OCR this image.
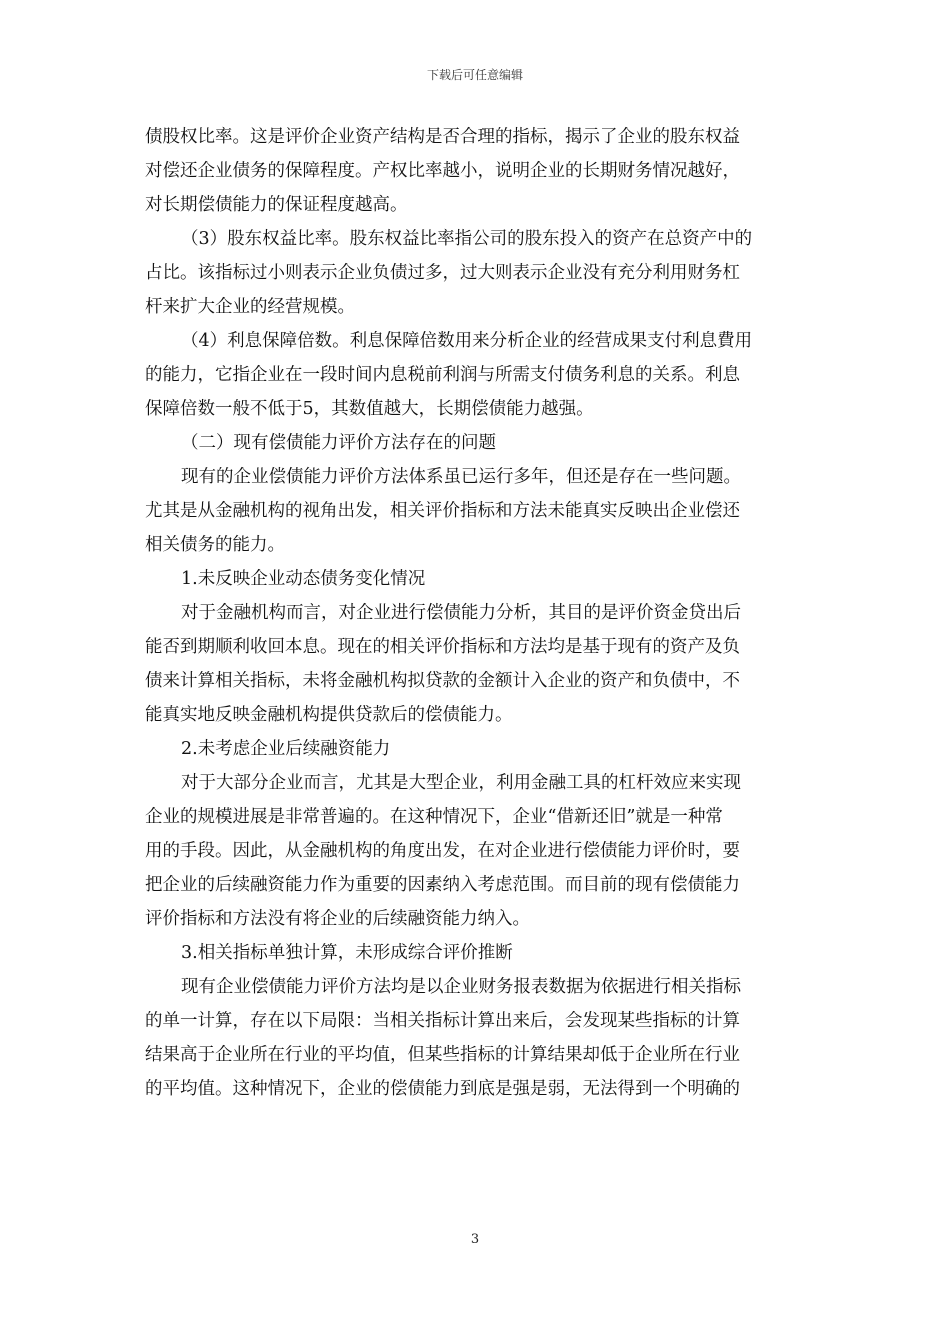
下载后可任意编辑
债股权比率。这是评价企业资产结构是否合理的指标，揭示了企业的股东权益
对偿还企业债务的保障程度。产权比率越小，说明企业的长期财务情况越好，
对长期偿债能力的保证程度越高。
（3）股东权益比率。股东权益比率指公司的股东投入的资产在总资产中的
占比。该指标过小则表示企业负债过多，过大则表示企业没有充分利用财务杠
杆来扩大企业的经营规模。
（4）利息保障倍数。利息保障倍数用来分析企业的经营成果支付利息費用
的能力，它指企业在一段时间内息税前利润与所需支付债务利息的关系。利息
保障倍数一般不低于5，其数值越大，长期偿债能力越强。
（二）现有偿债能力评价方法存在的问题
现有的企业偿债能力评价方法体系虽已运行多年，但还是存在一些问题。
尤其是从金融机构的视角出发，相关评价指标和方法未能真实反映出企业偿还
相关债务的能力。
1.未反映企业动态债务变化情况
对于金融机构而言，对企业进行偿债能力分析，其目的是评价资金贷出后
能否到期顺利收回本息。现在的相关评价指标和方法均是基于现有的资产及负
债来计算相关指标，未将金融机构拟贷款的金额计入企业的资产和负债中，不
能真实地反映金融机构提供贷款后的偿债能力。
2.未考虑企业后续融资能力
对于大部分企业而言，尤其是大型企业，利用金融工具的杠杆效应来实现
企业的规模进展是非常普遍的。在这种情况下，企业“借新还旧”就是一种常
用的手段。因此，从金融机构的角度出发，在对企业进行偿债能力评价时，要
把企业的后续融资能力作为重要的因素纳入考虑范围。而目前的现有偿债能力
评价指标和方法没有将企业的后续融资能力纳入。
3.相关指标单独计算，未形成综合评价推断
现有企业偿债能力评价方法均是以企业财务报表数据为依据进行相关指标
的单一计算，存在以下局限：当相关指标计算出来后，会发现某些指标的计算
结果高于企业所在行业的平均值，但某些指标的计算结果却低于企业所在行业
的平均值。这种情况下，企业的偿债能力到底是强是弱，无法得到一个明确的
3
